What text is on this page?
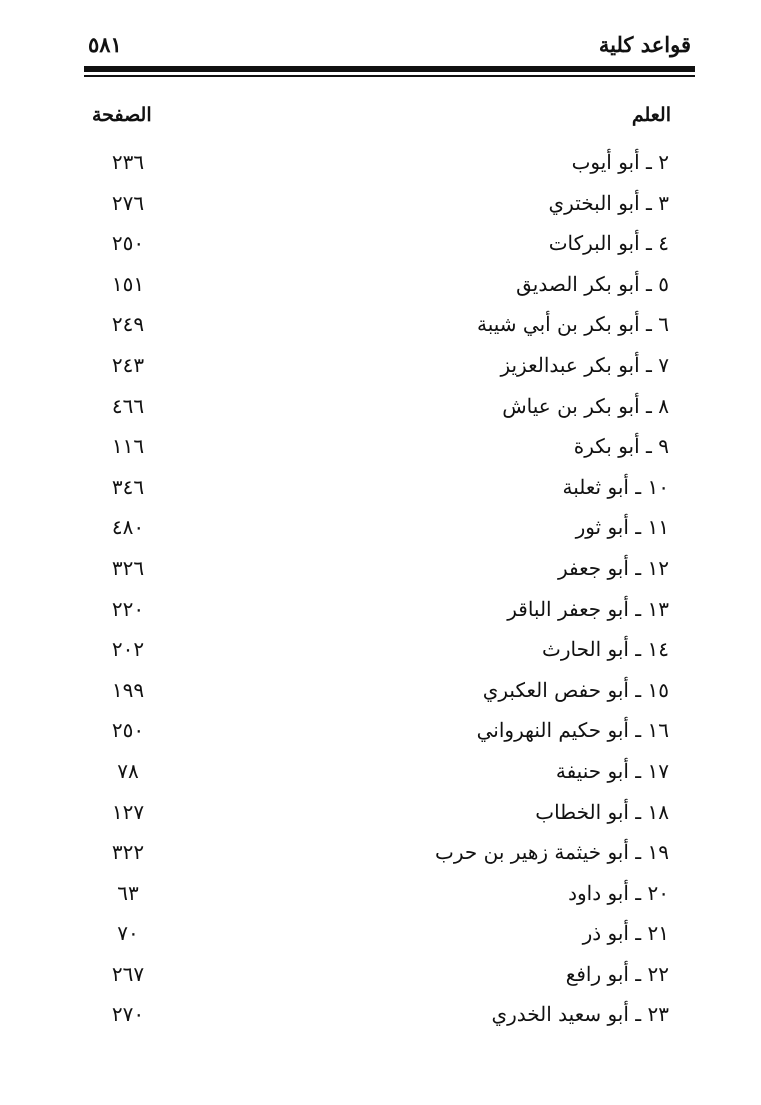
قواعد كلية
٥٨١
العلم
الصفحة
٢ ـ أبو أيوب
٢٣٦
٣ ـ أبو البختري
٢٧٦
٤ ـ أبو البركات
٢٥٠
٥ ـ أبو بكر الصديق
١٥١
٦ ـ أبو بكر بن أبي شيبة
٢٤٩
٧ ـ أبو بكر عبدالعزيز
٢٤٣
٨ ـ أبو بكر بن عياش
٤٦٦
٩ ـ أبو بكرة
١١٦
١٠ ـ أبو ثعلبة
٣٤٦
١١ ـ أبو ثور
٤٨٠
١٢ ـ أبو جعفر
٣٢٦
١٣ ـ أبو جعفر الباقر
٢٢٠
١٤ ـ أبو الحارث
٢٠٢
١٥ ـ أبو حفص العكبري
١٩٩
١٦ ـ أبو حكيم النهرواني
٢٥٠
١٧ ـ أبو حنيفة
٧٨
١٨ ـ أبو الخطاب
١٢٧
١٩ ـ أبو خيثمة زهير بن حرب
٣٢٢
٢٠ ـ أبو داود
٦٣
٢١ ـ أبو ذر
٧٠
٢٢ ـ أبو رافع
٢٦٧
٢٣ ـ أبو سعيد الخدري
٢٧٠
